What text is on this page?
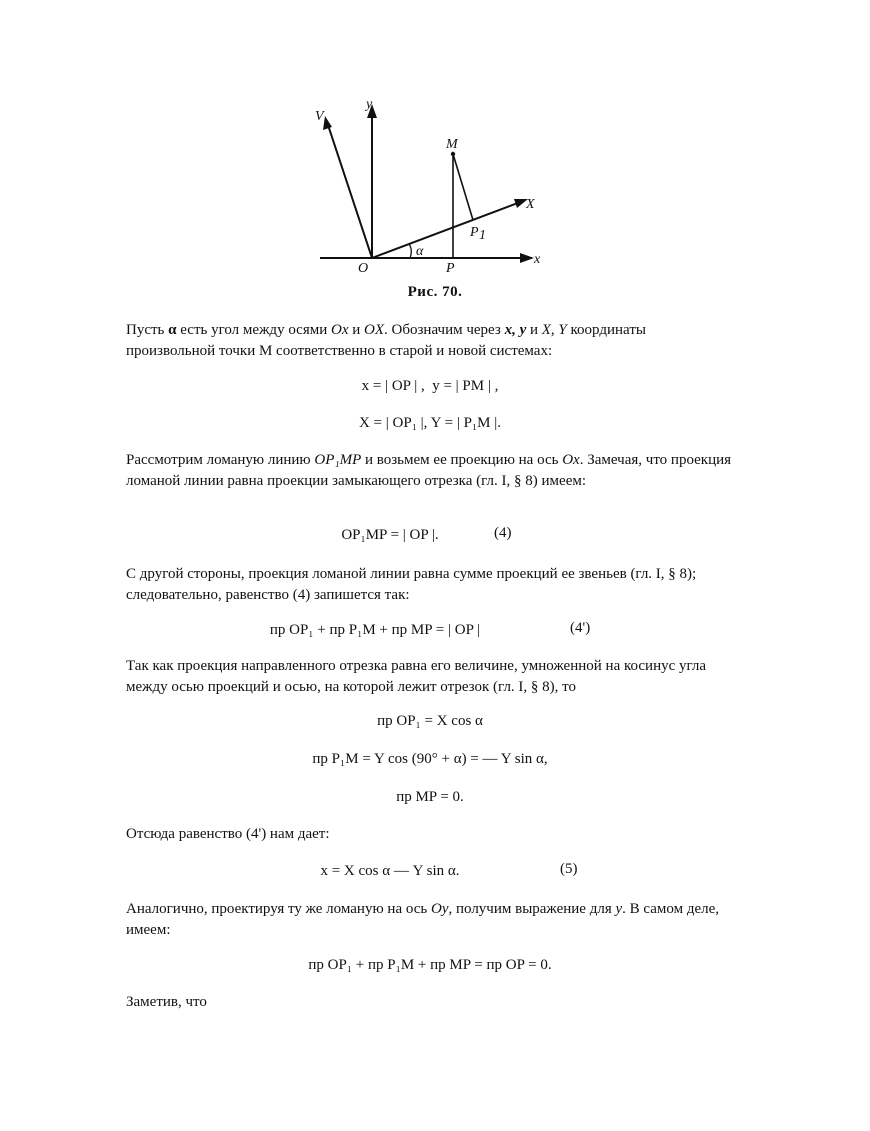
V
y
M
X
P 1
α
O	P
x
Рис. 70.
Пусть α есть угол между осями Ox и OX. Обозначим через x, y и X, Y координаты произвольной точки М соответственно в старой и новой системах:
x = | OP | ,  y = | PM | ,
X = | OP₁ |, Y = | P₁M |.
Рассмотрим ломаную линию OP₁MP и возьмем ее проекцию на ось Ox. Замечая, что проекция ломаной линии равна проекции замыкающего отрезка (гл. I, § 8) имеем:
OP₁MP = | OP |.	(4)
С другой стороны, проекция ломаной линии равна сумме проекций ее звеньев (гл. I, § 8); следовательно, равенство (4) запишется так:
пр OP₁ + пр P₁M + пр MP = | OP |	(4')
Так как проекция направленного отрезка равна его величине, умноженной на косинус угла между осью проекций и осью, на которой лежит отрезок (гл. I, § 8), то
пр OP₁ = X cos α
пр P₁M = Y cos (90° + α) = — Y sin α,
пр MP = 0.
Отсюда равенство (4') нам дает:
x = X cos α — Y sin α.	(5)
Аналогично, проектируя ту же ломаную на ось Oy, получим выражение для y. В самом деле, имеем:
пр OP₁ + пр P₁M + пр MP = пр OP = 0.
Заметив, что
